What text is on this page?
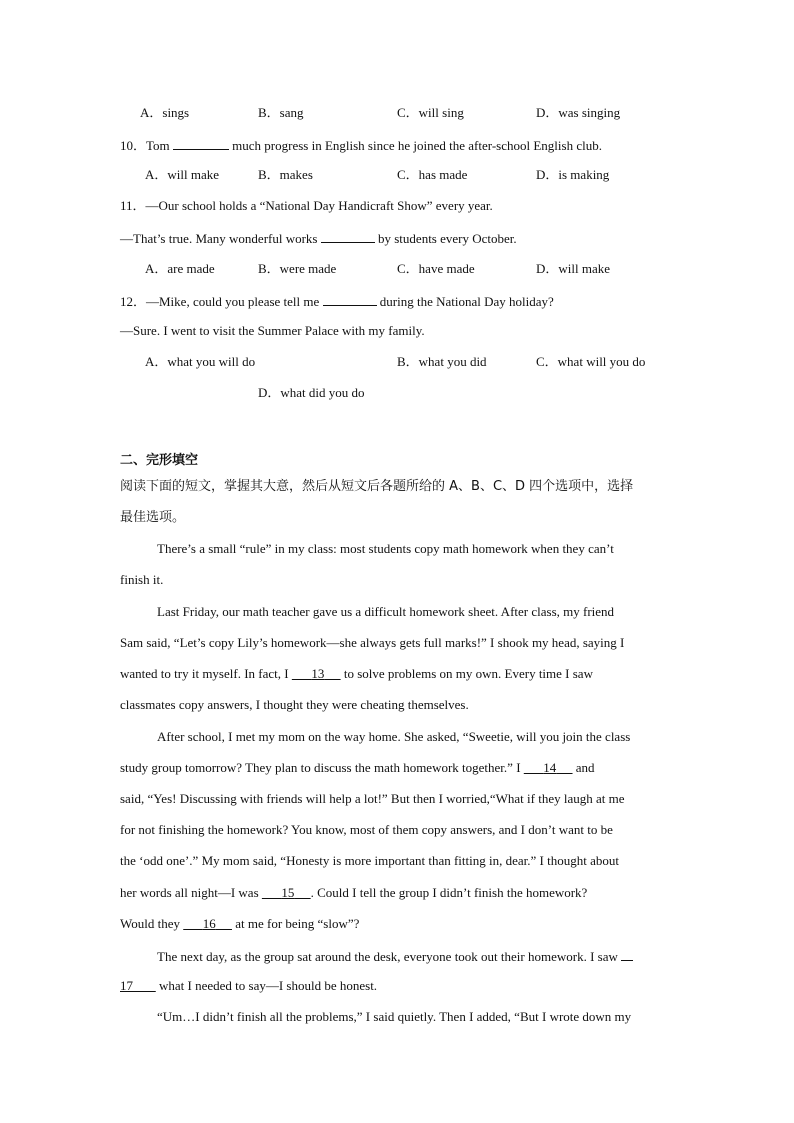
A．sings	B．sang	C．will sing	D．was singing
10．Tom	much progress in English since he joined the after-school English club.
A．will make	B．makes	C．has made	D．is making
11．—Our school holds a “National Day Handicraft Show” every year.
—That’s true. Many wonderful works	by students every October.
A．are made	B．were made	C．have made	D．will make
12．—Mike, could you please tell me	during the National Day holiday?
—Sure. I went to visit the Summer Palace with my family.
A．what you will do	B．what you did	C．what will you do
D．what did you do
二、完形填空
阅读下面的短文，掌握其大意，然后从短文后各题所给的 A、B、C、D 四个选项中，选择
最佳选项。
There’s a small “rule” in my class: most students copy math homework when they can’t
finish it.
Last Friday, our math teacher gave us a difficult homework sheet. After class, my friend
Sam said, “Let’s copy Lily’s homework—she always gets full marks!” I shook my head, saying I
wanted to try it myself. In fact, I 13 to solve problems on my own. Every time I saw
classmates copy answers, I thought they were cheating themselves.
After school, I met my mom on the way home. She asked, “Sweetie, will you join the class
study group tomorrow? They plan to discuss the math homework together.” I 14 and
said, “Yes! Discussing with friends will help a lot!” But then I worried,“What if they laugh at me
for not finishing the homework? You know, most of them copy answers, and I don’t want to be
the ‘odd one’.” My mom said, “Honesty is more important than fitting in, dear.” I thought about
her words all night—I was 15 . Could I tell the group I didn’t finish the homework?
Would they 16 at me for being “slow”?
The next day, as the group sat around the desk, everyone took out their homework. I saw
17 what I needed to say—I should be honest.
“Um…I didn’t finish all the problems,” I said quietly. Then I added, “But I wrote down my
